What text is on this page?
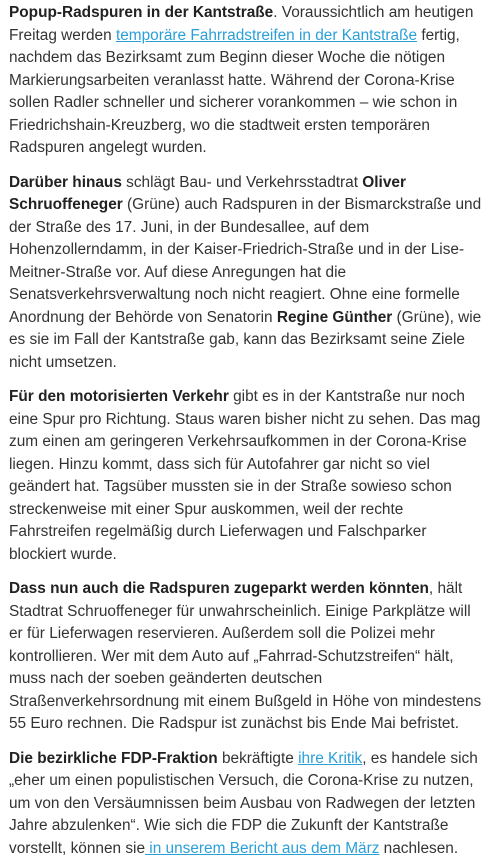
Popup-Radspuren in der Kantstraße. Voraussichtlich am heutigen Freitag werden temporäre Fahrradstreifen in der Kantstraße fertig, nachdem das Bezirksamt zum Beginn dieser Woche die nötigen Markierungsarbeiten veranlasst hatte. Während der Corona-Krise sollen Radler schneller und sicherer vorankommen – wie schon in Friedrichshain-Kreuzberg, wo die stadtweit ersten temporären Radspuren angelegt wurden.

Darüber hinaus schlägt Bau- und Verkehrsstadtrat Oliver Schruoffeneger (Grüne) auch Radspuren in der Bismarckstraße und der Straße des 17. Juni, in der Bundesallee, auf dem Hohenzollerndamm, in der Kaiser-Friedrich-Straße und in der Lise-Meitner-Straße vor. Auf diese Anregungen hat die Senatsverkehrsverwaltung noch nicht reagiert. Ohne eine formelle Anordnung der Behörde von Senatorin Regine Günther (Grüne), wie es sie im Fall der Kantstraße gab, kann das Bezirksamt seine Ziele nicht umsetzen.

Für den motorisierten Verkehr gibt es in der Kantstraße nur noch eine Spur pro Richtung. Staus waren bisher nicht zu sehen. Das mag zum einen am geringeren Verkehrsaufkommen in der Corona-Krise liegen. Hinzu kommt, dass sich für Autofahrer gar nicht so viel geändert hat. Tagsüber mussten sie in der Straße sowieso schon streckenweise mit einer Spur auskommen, weil der rechte Fahrstreifen regelmäßig durch Lieferwagen und Falschparker blockiert wurde.

Dass nun auch die Radspuren zugeparkt werden könnten, hält Stadtrat Schruoffeneger für unwahrscheinlich. Einige Parkplätze will er für Lieferwagen reservieren. Außerdem soll die Polizei mehr kontrollieren. Wer mit dem Auto auf „Fahrrad-Schutzstreifen“ hält, muss nach der soeben geänderten deutschen Straßenverkehrsordnung mit einem Bußgeld in Höhe von mindestens 55 Euro rechnen. Die Radspur ist zunächst bis Ende Mai befristet.

Die bezirkliche FDP-Fraktion bekräftigte ihre Kritik, es handele sich „eher um einen populistischen Versuch, die Corona-Krise zu nutzen, um von den Versäumnissen beim Ausbau von Radwegen der letzten Jahre abzulenken“. Wie sich die FDP die Zukunft der Kantstraße vorstellt, können sie in unserem Bericht aus dem März nachlesen.
